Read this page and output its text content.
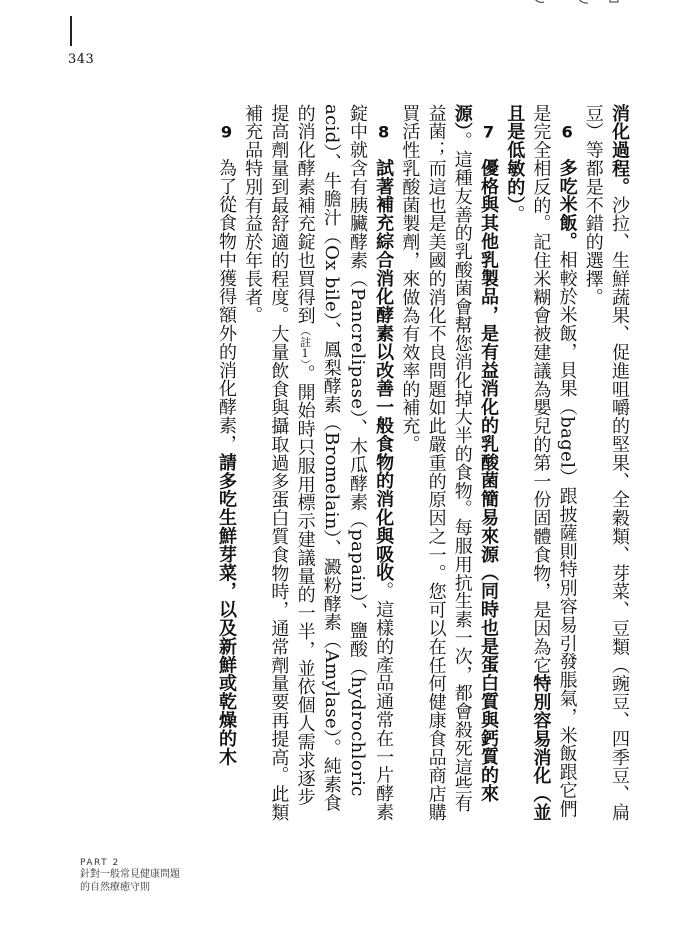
343

消化過程。沙拉、生鮮蔬果、促進咀嚼的堅果、全穀類、芽菜、豆類（豌豆、四季豆、扁豆）等都是不錯的選擇。

6　多吃米飯。相較於米飯，貝果（bagel）跟披薩則特別容易引發脹氣，米飯跟它們是完全相反的。記住米糊會被建議為嬰兒的第一份固體食物，是因為它特別容易消化（並且是低敏的）。

7　優格與其他乳製品，是有益消化的乳酸菌簡易來源（同時也是蛋白質與鈣質的來源）。這種友善的乳酸菌會幫您消化掉大半的食物。每服用抗生素一次，都會殺死這些有益菌；而這也是美國的消化不良問題如此嚴重的原因之一。您可以在任何健康食品商店購買活性乳酸菌製劑，來做為有效率的補充。

8　試著補充綜合消化酵素以改善一般食物的消化與吸收。這樣的產品通常在一片酵素錠中就含有胰臟酵素（Pancrelipase）、木瓜酵素（papain）、鹽酸（hydrochloric acid）、牛膽汁（Ox bile）、鳳梨酵素（Bromelain）、澱粉酵素（Amylase）。純素食的消化酵素補充錠也買得到（註1）。開始時只服用標示建議量的一半，並依個人需求逐步提高劑量到最舒適的程度。大量飲食與攝取過多蛋白質食物時，通常劑量要再提高。此類補充品特別有益於年長者。

9　為了從食物中獲得額外的消化酵素，請多吃生鮮芽菜，以及新鮮或乾燥的木

PART 2
針對一般常見健康問題
的自然療癒守則
